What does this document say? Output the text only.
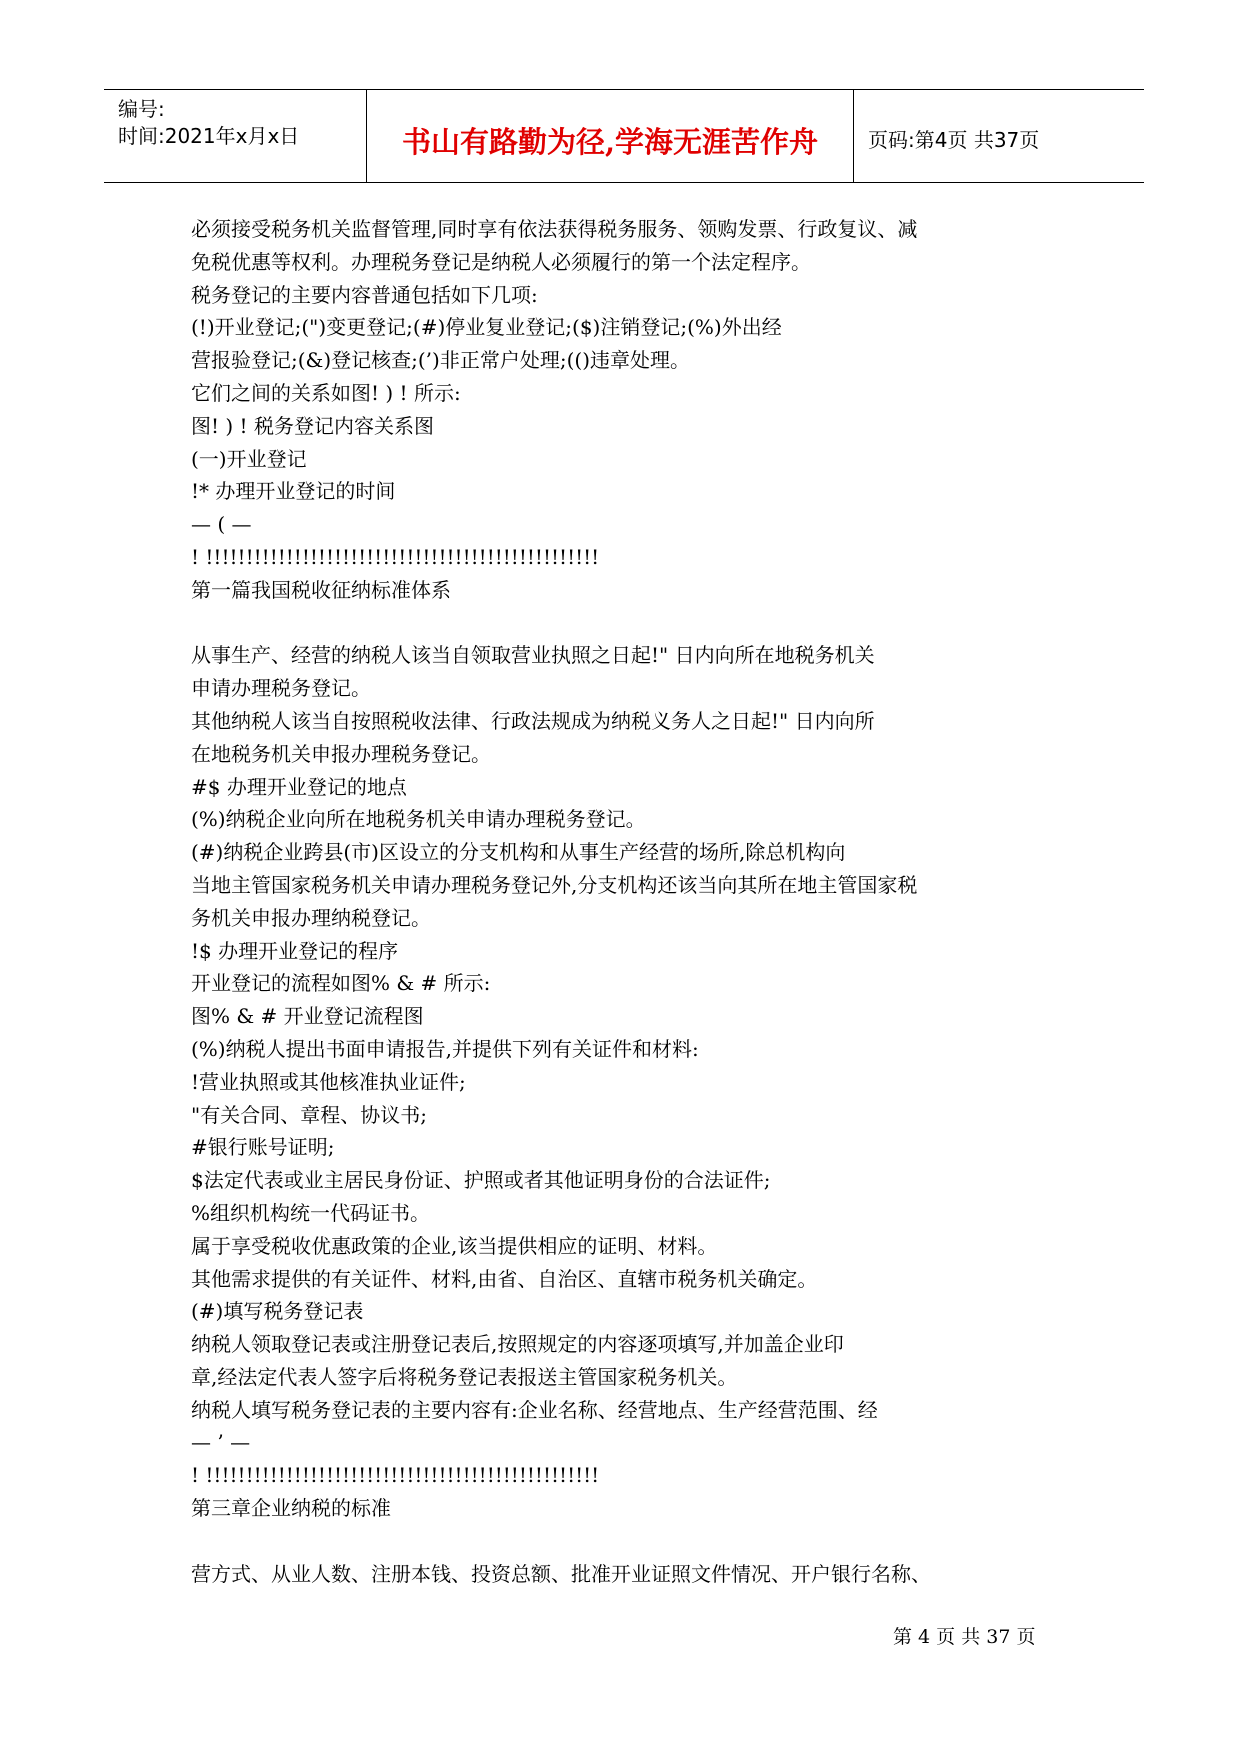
编号:
时间:2021年x月x日	书山有路勤为径,学海无涯苦作舟	页码:第4页 共37页
必须接受税务机关监督管理,同时享有依法获得税务服务、领购发票、行政复议、减
免税优惠等权利。办理税务登记是纳税人必须履行的第一个法定程序。
税务登记的主要内容普通包括如下几项:
(!)开业登记;(")变更登记;(#)停业复业登记;($)注销登记;(%)外出经
营报验登记;(&)登记核查;(’)非正常户处理;(()违章处理。
它们之间的关系如图! ) ! 所示:
图! ) ! 税务登记内容关系图
(一)开业登记
!* 办理开业登记的时间
— ( —
! !!!!!!!!!!!!!!!!!!!!!!!!!!!!!!!!!!!!!!!!!!!!!!!!!
第一篇我国税收征纳标准体系
从事生产、经营的纳税人该当自领取营业执照之日起!" 日内向所在地税务机关
申请办理税务登记。
其他纳税人该当自按照税收法律、行政法规成为纳税义务人之日起!" 日内向所
在地税务机关申报办理税务登记。
#$ 办理开业登记的地点
(%)纳税企业向所在地税务机关申请办理税务登记。
(#)纳税企业跨县(市)区设立的分支机构和从事生产经营的场所,除总机构向
当地主管国家税务机关申请办理税务登记外,分支机构还该当向其所在地主管国家税
务机关申报办理纳税登记。
!$ 办理开业登记的程序
开业登记的流程如图% & # 所示:
图% & # 开业登记流程图
(%)纳税人提出书面申请报告,并提供下列有关证件和材料:
!营业执照或其他核准执业证件;
"有关合同、章程、协议书;
#银行账号证明;
$法定代表或业主居民身份证、护照或者其他证明身份的合法证件;
%组织机构统一代码证书。
属于享受税收优惠政策的企业,该当提供相应的证明、材料。
其他需求提供的有关证件、材料,由省、自治区、直辖市税务机关确定。
(#)填写税务登记表
纳税人领取登记表或注册登记表后,按照规定的内容逐项填写,并加盖企业印
章,经法定代表人签字后将税务登记表报送主管国家税务机关。
纳税人填写税务登记表的主要内容有:企业名称、经营地点、生产经营范围、经
— ’ —
! !!!!!!!!!!!!!!!!!!!!!!!!!!!!!!!!!!!!!!!!!!!!!!!!!
第三章企业纳税的标准
营方式、从业人数、注册本钱、投资总额、批准开业证照文件情况、开户银行名称、
第 4 页 共 37 页
